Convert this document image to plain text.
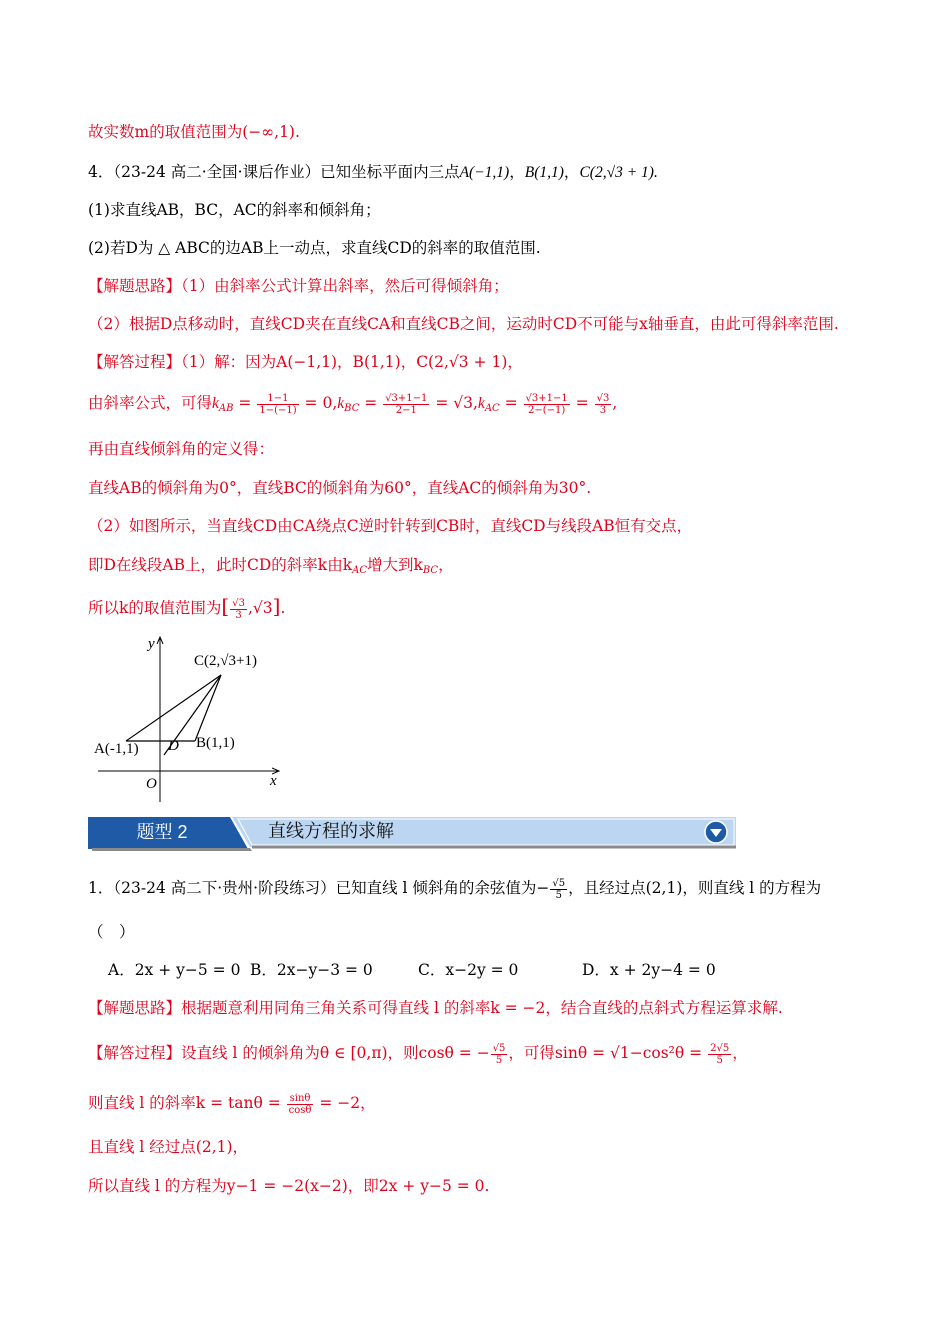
故实数m的取值范围为(−∞,1).
4．（23-24 高二·全国·课后作业）已知坐标平面内三点A(−1,1)，B(1,1)，C(2,√3 + 1).
(1)求直线AB，BC，AC的斜率和倾斜角；
(2)若D为 △ ABC的边AB上一动点，求直线CD的斜率的取值范围.
【解题思路】（1）由斜率公式计算出斜率，然后可得倾斜角；
（2）根据D点移动时，直线CD夹在直线CA和直线CB之间，运动时CD不可能与x轴垂直，由此可得斜率范围.
【解答过程】（1）解：因为A(−1,1)，B(1,1)，C(2,√3 + 1)，
由斜率公式，可得$k_{AB} = \frac{1-1}{1-(-1)} = 0,k_{BC} = \frac{√3+1-1}{2-1} = √3,k_{AC} = \frac{√3+1-1}{2-(-1)} = \frac{√3}{3}$ ,
再由直线倾斜角的定义得：
直线AB的倾斜角为0°，直线BC的倾斜角为60°，直线AC的倾斜角为30°.
（2）如图所示，当直线CD由CA绕点C逆时针转到CB时，直线CD与线段AB恒有交点，
即D在线段AB上，此时CD的斜率k由$k_{AC}$增大到$k_{BC}$，
所以k的取值范围为[ $\frac{√3}{3} ,√3$].
y
x
O
C(2,√3+1)
A(-1,1) D B(1,1)
题型 2	直线方程的求解
1．（23-24 高二下·贵州·阶段练习）已知直线 l 倾斜角的余弦值为− $\frac{√5}{5}$ ，且经过点(2,1)，则直线 l 的方程为
（　）
A．2x + y−5 = 0 B．2x−y−3 = 0	C．x−2y = 0	D．x + 2y−4 = 0
【解题思路】根据题意利用同角三角关系可得直线 l 的斜率k = −2，结合直线的点斜式方程运算求解.
【解答过程】设直线 l 的倾斜角为θ ∈ [0,π)，则cosθ = − $\frac{√5}{5}$ ，可得$\sin\theta = √1-\cos^2\theta = \frac{2√5}{5}$ ，
则直线 l 的斜率$k = \tan\theta = \frac{\sin\theta}{\cos\theta} = -2$，
且直线 l 经过点(2,1)，
所以直线 l 的方程为y−1 = −2(x−2)，即2x + y−5 = 0.
